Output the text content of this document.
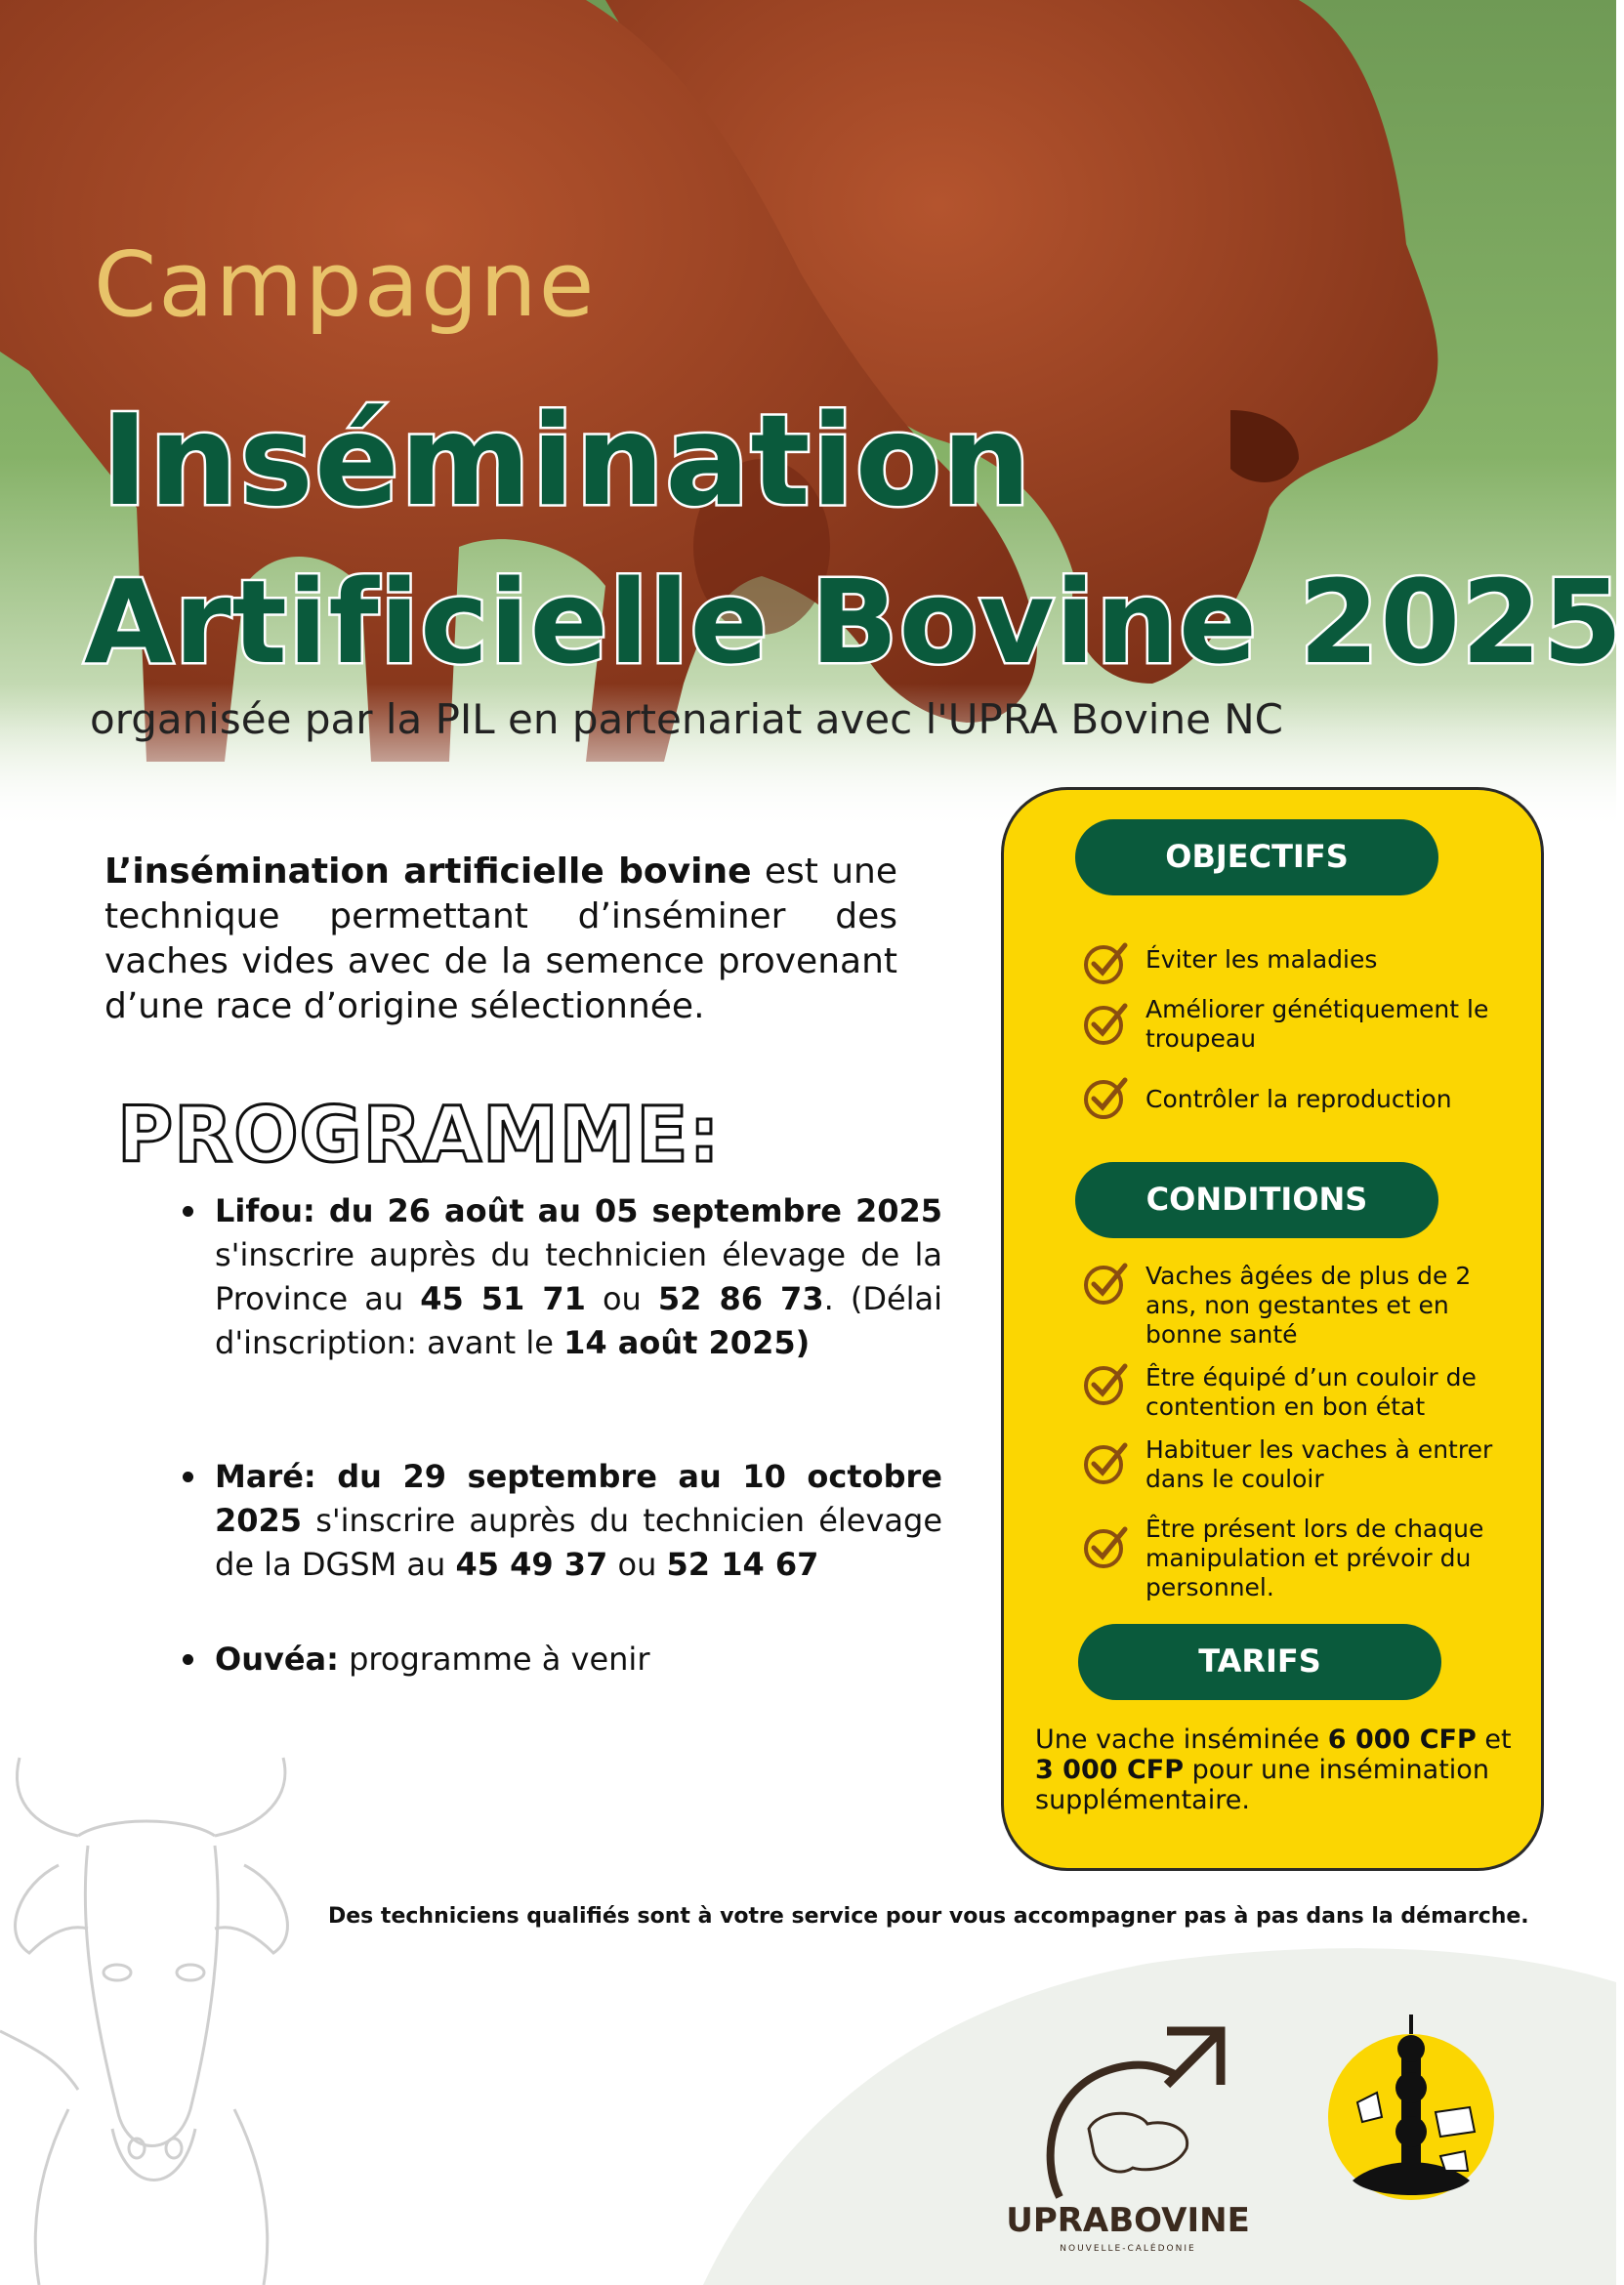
Campagne
Insémination
Artificielle Bovine 2025
organisée par la PIL en partenariat avec l'UPRA Bovine NC
L’insémination artificielle bovine est une technique permettant d’inséminer des vaches vides avec de la semence provenant d’une race d’origine sélectionnée.
PROGRAMME:
Lifou: du 26 août au 05 septembre 2025 s'inscrire auprès du technicien élevage de la Province au 45 51 71 ou 52 86 73. (Délai d'inscription: avant le 14 août 2025)
Maré: du 29 septembre au 10 octobre 2025 s'inscrire auprès du technicien élevage de la DGSM au 45 49 37 ou 52 14 67
Ouvéa: programme à venir
OBJECTIFS
Éviter les maladies
Améliorer génétiquement le troupeau
Contrôler la reproduction
CONDITIONS
Vaches âgées de plus de 2 ans, non gestantes et en bonne santé
Être équipé d’un couloir de contention en bon état
Habituer les vaches à entrer dans le couloir
Être présent lors de chaque manipulation et prévoir du personnel.
TARIFS
Une vache inséminée 6 000 CFP et 3 000 CFP pour une insémination supplémentaire.
Des techniciens qualifiés sont à votre service pour vous accompagner pas à pas dans la démarche.
UPRABOVINE
NOUVELLE-CALÉDONIE
